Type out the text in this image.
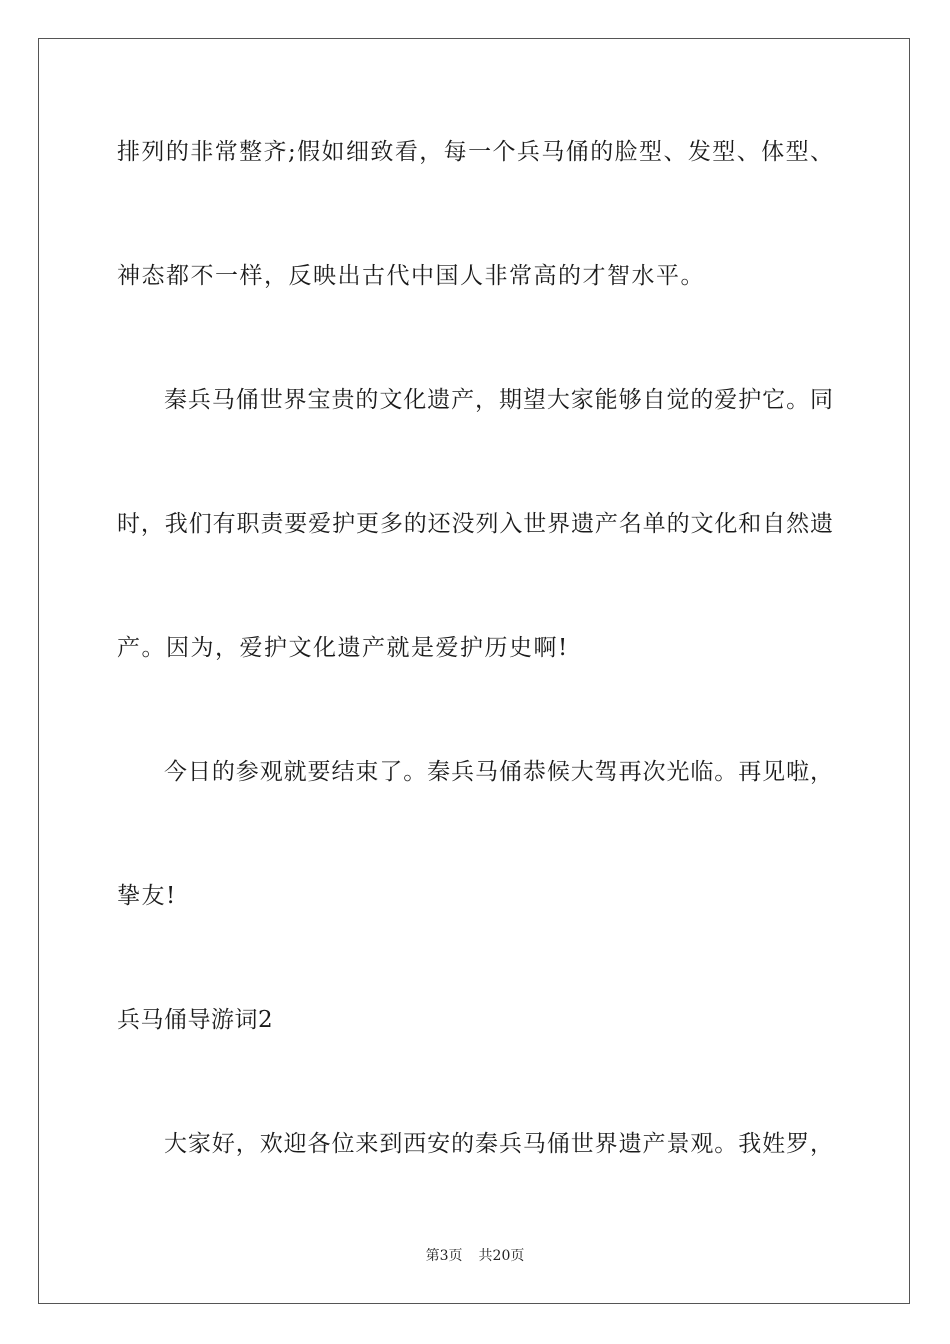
排列的非常整齐;假如细致看，每一个兵马俑的脸型、发型、体型、
神态都不一样，反映出古代中国人非常高的才智水平。
秦兵马俑世界宝贵的文化遗产，期望大家能够自觉的爱护它。同
时，我们有职责要爱护更多的还没列入世界遗产名单的文化和自然遗
产。因为，爱护文化遗产就是爱护历史啊!
今日的参观就要结束了。秦兵马俑恭候大驾再次光临。再见啦，
挚友!
兵马俑导游词2
大家好，欢迎各位来到西安的秦兵马俑世界遗产景观。我姓罗，
第3页 共20页
